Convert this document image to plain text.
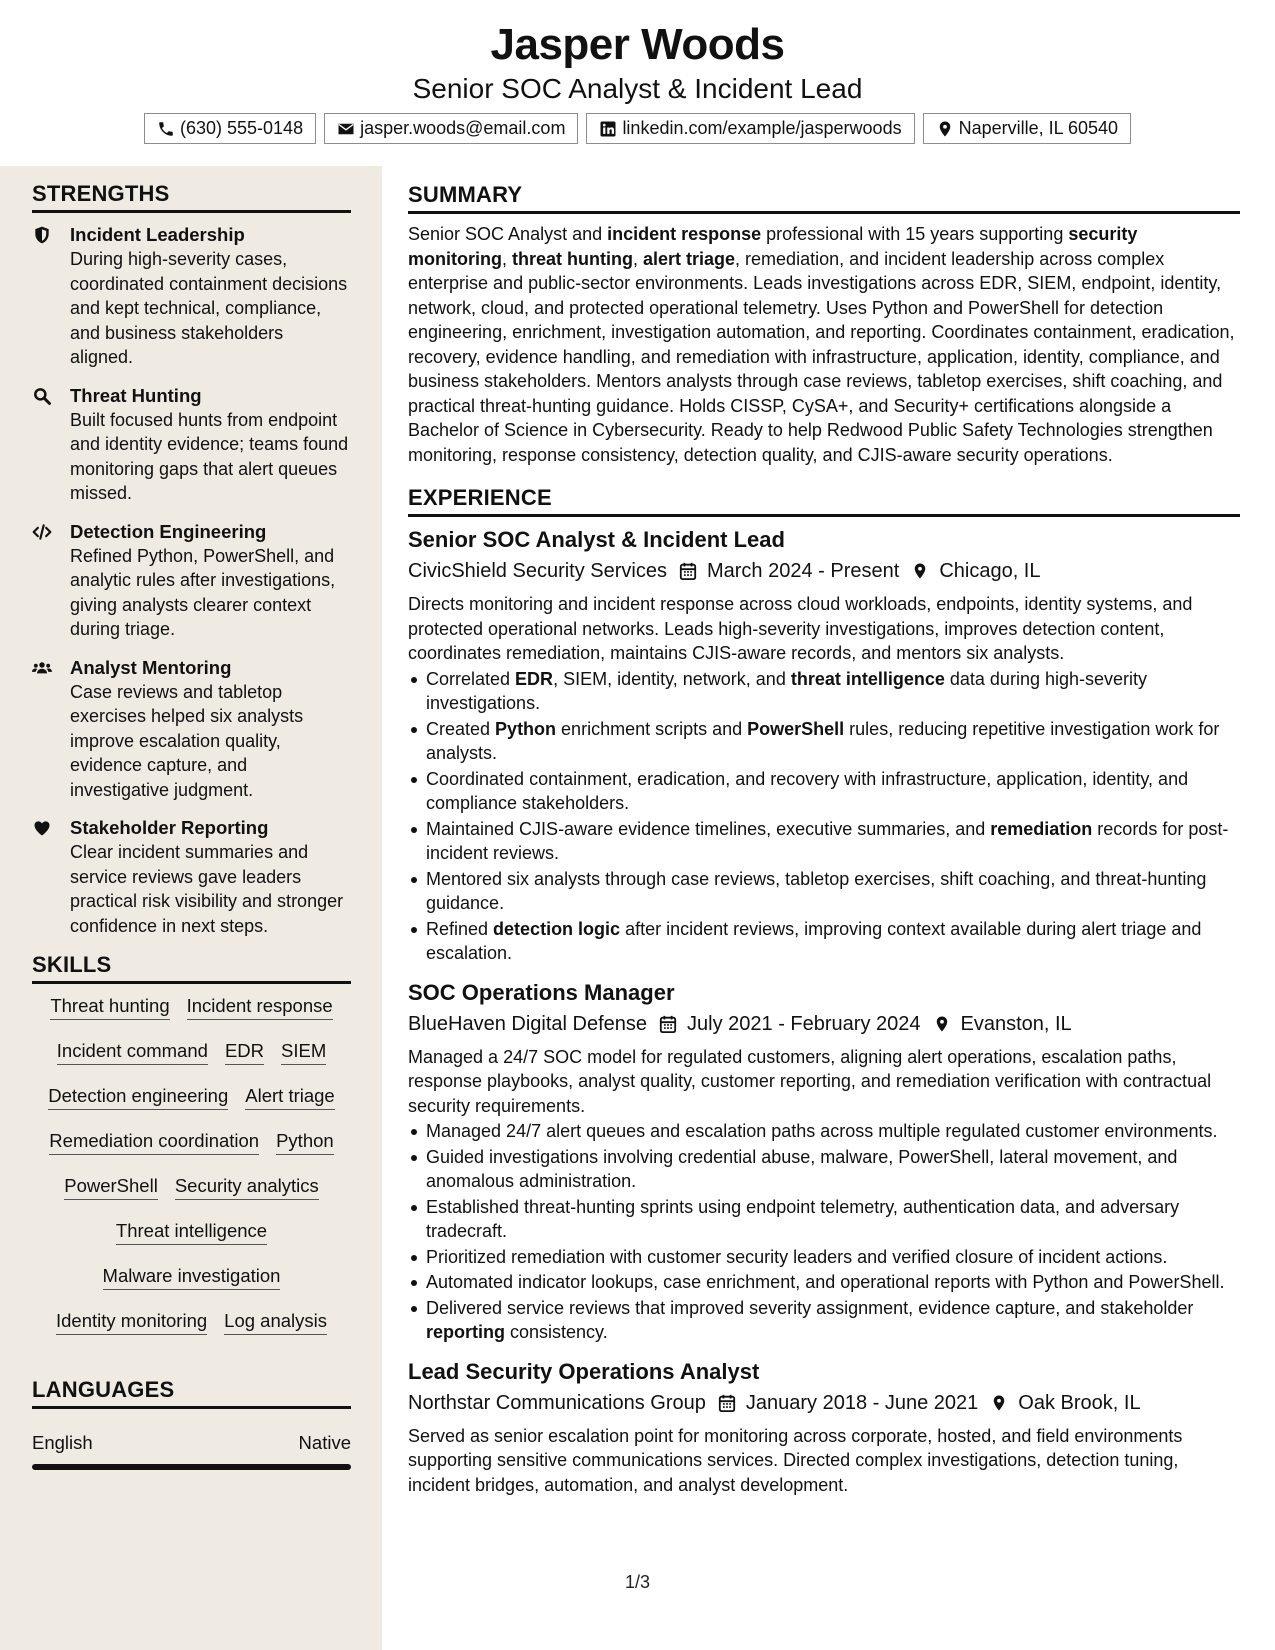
Jasper Woods
Senior SOC Analyst & Incident Lead
(630) 555-0148	jasper.woods@email.com	linkedin.com/example/jasperwoods	Naperville, IL 60540
STRENGTHS
Incident Leadership
During high-severity cases, coordinated containment decisions and kept technical, compliance, and business stakeholders aligned.
Threat Hunting
Built focused hunts from endpoint and identity evidence; teams found monitoring gaps that alert queues missed.
Detection Engineering
Refined Python, PowerShell, and analytic rules after investigations, giving analysts clearer context during triage.
Analyst Mentoring
Case reviews and tabletop exercises helped six analysts improve escalation quality, evidence capture, and investigative judgment.
Stakeholder Reporting
Clear incident summaries and service reviews gave leaders practical risk visibility and stronger confidence in next steps.
SKILLS
Threat hunting Incident response
Incident command EDR SIEM
Detection engineering Alert triage
Remediation coordination Python
PowerShell Security analytics
Threat intelligence
Malware investigation
Identity monitoring Log analysis
LANGUAGES
English	Native
SUMMARY
Senior SOC Analyst and incident response professional with 15 years supporting security monitoring, threat hunting, alert triage, remediation, and incident leadership across complex enterprise and public-sector environments. Leads investigations across EDR, SIEM, endpoint, identity, network, cloud, and protected operational telemetry. Uses Python and PowerShell for detection engineering, enrichment, investigation automation, and reporting. Coordinates containment, eradication, recovery, evidence handling, and remediation with infrastructure, application, identity, compliance, and business stakeholders. Mentors analysts through case reviews, tabletop exercises, shift coaching, and practical threat-hunting guidance. Holds CISSP, CySA+, and Security+ certifications alongside a Bachelor of Science in Cybersecurity. Ready to help Redwood Public Safety Technologies strengthen monitoring, response consistency, detection quality, and CJIS-aware security operations.
EXPERIENCE
Senior SOC Analyst & Incident Lead
CivicShield Security Services March 2024 - Present Chicago, IL
Directs monitoring and incident response across cloud workloads, endpoints, identity systems, and protected operational networks. Leads high-severity investigations, improves detection content, coordinates remediation, maintains CJIS-aware records, and mentors six analysts.
Correlated EDR, SIEM, identity, network, and threat intelligence data during high-severity investigations.
Created Python enrichment scripts and PowerShell rules, reducing repetitive investigation work for analysts.
Coordinated containment, eradication, and recovery with infrastructure, application, identity, and compliance stakeholders.
Maintained CJIS-aware evidence timelines, executive summaries, and remediation records for post-incident reviews.
Mentored six analysts through case reviews, tabletop exercises, shift coaching, and threat-hunting guidance.
Refined detection logic after incident reviews, improving context available during alert triage and escalation.
SOC Operations Manager
BlueHaven Digital Defense July 2021 - February 2024 Evanston, IL
Managed a 24/7 SOC model for regulated customers, aligning alert operations, escalation paths, response playbooks, analyst quality, customer reporting, and remediation verification with contractual security requirements.
Managed 24/7 alert queues and escalation paths across multiple regulated customer environments.
Guided investigations involving credential abuse, malware, PowerShell, lateral movement, and anomalous administration.
Established threat-hunting sprints using endpoint telemetry, authentication data, and adversary tradecraft.
Prioritized remediation with customer security leaders and verified closure of incident actions.
Automated indicator lookups, case enrichment, and operational reports with Python and PowerShell.
Delivered service reviews that improved severity assignment, evidence capture, and stakeholder reporting consistency.
Lead Security Operations Analyst
Northstar Communications Group January 2018 - June 2021 Oak Brook, IL
Served as senior escalation point for monitoring across corporate, hosted, and field environments supporting sensitive communications services. Directed complex investigations, detection tuning, incident bridges, automation, and analyst development.
1/3
